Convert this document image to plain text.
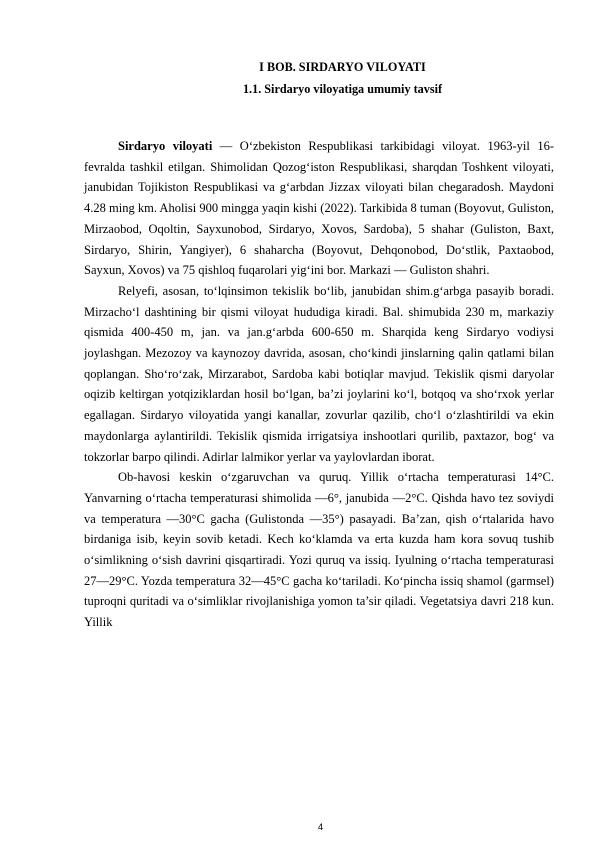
I BOB. SIRDARYO VILOYATI
1.1. Sirdaryo viloyatiga umumiy tavsif

Sirdaryo viloyati — O‘zbekiston Respublikasi tarkibidagi viloyat. 1963-yil 16-fevralda tashkil etilgan. Shimolidan Qozog‘iston Respublikasi, sharqdan Toshkent viloyati, janubidan Tojikiston Respublikasi va g‘arbdan Jizzax viloyati bilan chegaradosh. Maydoni 4.28 ming km. Aholisi 900 mingga yaqin kishi (2022). Tarkibida 8 tuman (Boyovut, Guliston, Mirzaobod, Oqoltin, Sayxunobod, Sirdaryo, Xovos, Sardoba), 5 shahar (Guliston, Baxt, Sirdaryo, Shirin, Yangiyer), 6 shaharcha (Boyovut, Dehqonobod, Do‘stlik, Paxtaobod, Sayxun, Xovos) va 75 qishloq fuqarolari yig‘ini bor. Markazi — Guliston shahri.

Relyefi, asosan, to‘lqinsimon tekislik bo‘lib, janubidan shim.g‘arbga pasayib boradi. Mirzacho‘l dashtining bir qismi viloyat hududiga kiradi. Bal. shimubida 230 m, markaziy qismida 400-450 m, jan. va jan.g‘arbda 600-650 m. Sharqida keng Sirdaryo vodiysi joylashgan. Mezozoy va kaynozoy davrida, asosan, cho‘kindi jinslarning qalin qatlami bilan qoplangan. Sho‘ro‘zak, Mirzarabot, Sardoba kabi botiqlar mavjud. Tekislik qismi daryolar oqizib keltirgan yotqiziklardan hosil bo‘lgan, ba’zi joylarini ko‘l, botqoq va sho‘rxok yerlar egallagan. Sirdaryo viloyatida yangi kanallar, zovurlar qazilib, cho‘l o‘zlashtirildi va ekin maydonlarga aylantirildi. Tekislik qismida irrigatsiya inshootlari qurilib, paxtazor, bog‘ va tokzorlar barpo qilindi. Adirlar lalmikor yerlar va yaylovlardan iborat.

Ob-havosi keskin o‘zgaruvchan va quruq. Yillik o‘rtacha temperaturasi 14°C. Yanvarning o‘rtacha temperaturasi shimolida —6°, janubida —2°C. Qishda havo tez soviydi va temperatura —30°C gacha (Gulistonda —35°) pasayadi. Ba’zan, qish o‘rtalarida havo birdaniga isib, keyin sovib ketadi. Kech ko‘klamda va erta kuzda ham kora sovuq tushib o‘simlikning o‘sish davrini qisqartiradi. Yozi quruq va issiq. Iyulning o‘rtacha temperaturasi 27—29°C. Yozda temperatura 32—45°C gacha ko‘tariladi. Ko‘pincha issiq shamol (garmsel) tuproqni quritadi va o‘simliklar rivojlanishiga yomon ta’sir qiladi. Vegetatsiya davri 218 kun. Yillik

4
